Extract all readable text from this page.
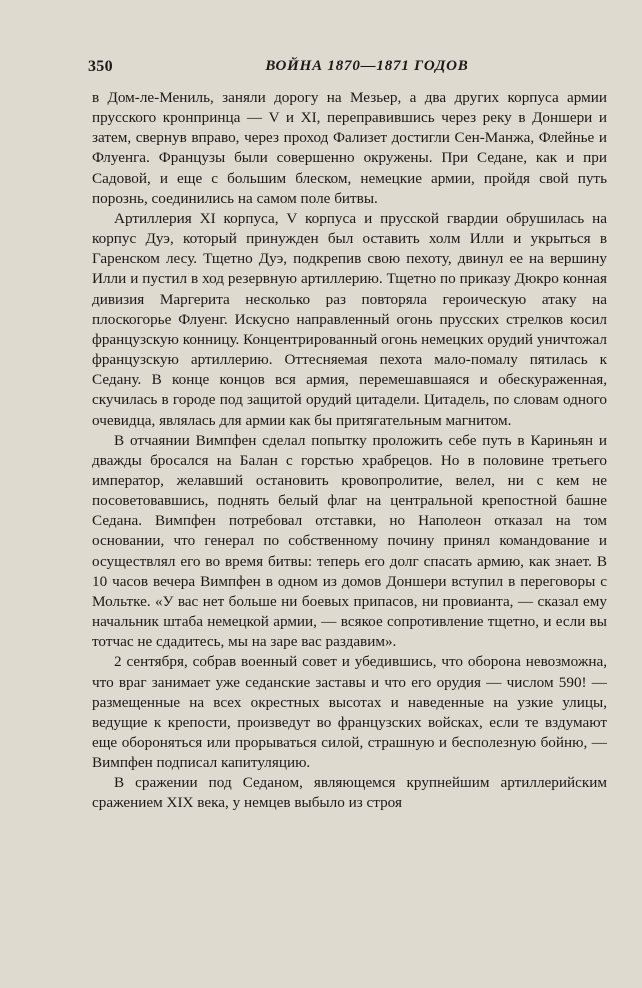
350	ВОЙНА 1870—1871 ГОДОВ

в Дом-ле-Мениль, заняли дорогу на Мезьер, а два других корпуса армии прусского кронпринца — V и XI, переправившись через реку в Доншери и затем, свернув вправо, через проход Фализет достигли Сен-Манжа, Флейнье и Флуенга. Французы были совершенно окружены. При Седане, как и при Садовой, и еще с большим блеском, немецкие армии, пройдя свой путь порознь, соединились на самом поле битвы.

Артиллерия XI корпуса, V корпуса и прусской гвардии обрушилась на корпус Дуэ, который принужден был оставить холм Илли и укрыться в Гаренском лесу. Тщетно Дуэ, подкрепив свою пехоту, двинул ее на вершину Илли и пустил в ход резервную артиллерию. Тщетно по приказу Дюкро конная дивизия Маргерита несколько раз повторяла героическую атаку на плоскогорье Флуенг. Искусно направленный огонь прусских стрелков косил французскую конницу. Концентрированный огонь немецких орудий уничтожал французскую артиллерию. Оттесняемая пехота мало-помалу пятилась к Седану. В конце концов вся армия, перемешавшаяся и обескураженная, скучилась в городе под защитой орудий цитадели. Цитадель, по словам одного очевидца, являлась для армии как бы притягательным магнитом.

В отчаянии Вимпфен сделал попытку проложить себе путь в Кариньян и дважды бросался на Балан с горстью храбрецов. Но в половине третьего император, желавший остановить кровопролитие, велел, ни с кем не посоветовавшись, поднять белый флаг на центральной крепостной башне Седана. Вимпфен потребовал отставки, но Наполеон отказал на том основании, что генерал по собственному почину принял командование и осуществлял его во время битвы: теперь его долг спасать армию, как знает. В 10 часов вечера Вимпфен в одном из домов Доншери вступил в переговоры с Мольтке. «У вас нет больше ни боевых припасов, ни провианта, — сказал ему начальник штаба немецкой армии, — всякое сопротивление тщетно, и если вы тотчас не сдадитесь, мы на заре вас раздавим».

2 сентября, собрав военный совет и убедившись, что оборона невозможна, что враг занимает уже седанские заставы и что его орудия — числом 590! — размещенные на всех окрестных высотах и наведенные на узкие улицы, ведущие к крепости, произведут во французских войсках, если те вздумают еще обороняться или прорываться силой, страшную и бесполезную бойню, — Вимпфен подписал капитуляцию.

В сражении под Седаном, являющемся крупнейшим артиллерийским сражением XIX века, у немцев выбыло из строя
